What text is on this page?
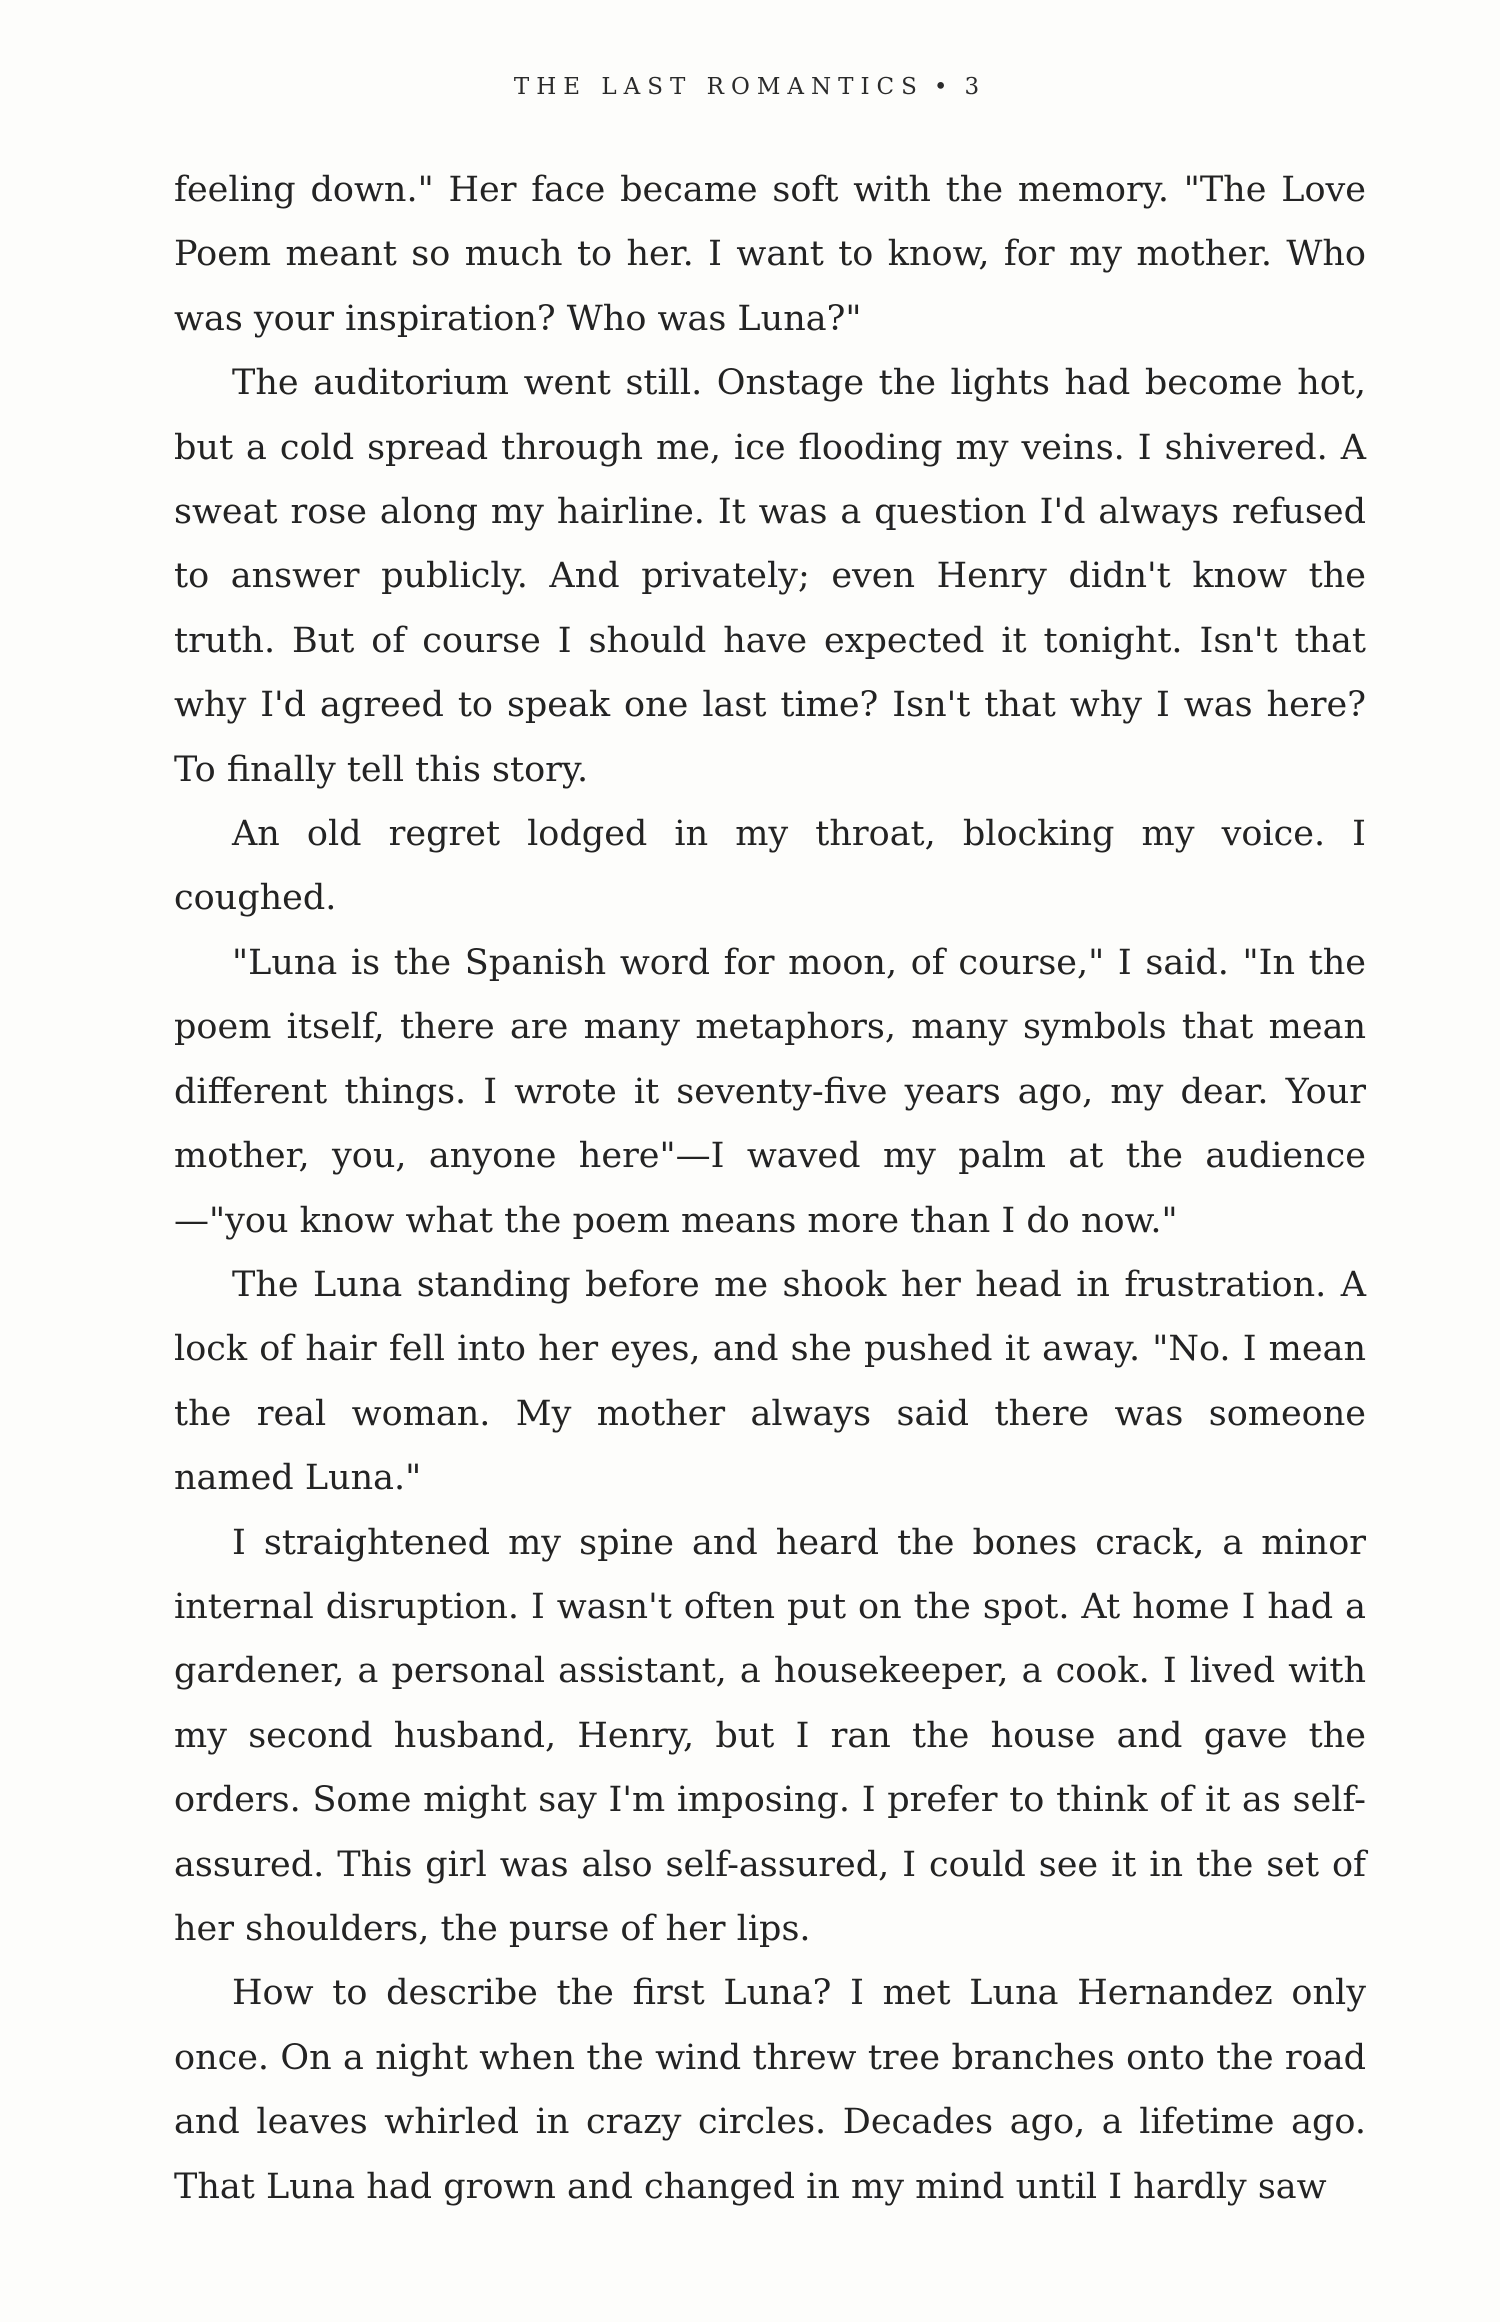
THE LAST ROMANTICS • 3

feeling down." Her face became soft with the memory. "The Love Poem meant so much to her. I want to know, for my mother. Who was your inspiration? Who was Luna?"

The auditorium went still. Onstage the lights had become hot, but a cold spread through me, ice flooding my veins. I shivered. A sweat rose along my hairline. It was a question I'd always refused to answer publicly. And privately; even Henry didn't know the truth. But of course I should have expected it tonight. Isn't that why I'd agreed to speak one last time? Isn't that why I was here? To finally tell this story.

An old regret lodged in my throat, blocking my voice. I coughed.

"Luna is the Spanish word for moon, of course," I said. "In the poem itself, there are many metaphors, many symbols that mean different things. I wrote it seventy-five years ago, my dear. Your mother, you, anyone here"—I waved my palm at the audience—"you know what the poem means more than I do now."

The Luna standing before me shook her head in frustration. A lock of hair fell into her eyes, and she pushed it away. "No. I mean the real woman. My mother always said there was someone named Luna."

I straightened my spine and heard the bones crack, a minor internal disruption. I wasn't often put on the spot. At home I had a gardener, a personal assistant, a housekeeper, a cook. I lived with my second husband, Henry, but I ran the house and gave the orders. Some might say I'm imposing. I prefer to think of it as self-assured. This girl was also self-assured, I could see it in the set of her shoulders, the purse of her lips.

How to describe the first Luna? I met Luna Hernandez only once. On a night when the wind threw tree branches onto the road and leaves whirled in crazy circles. Decades ago, a lifetime ago. That Luna had grown and changed in my mind until I hardly saw
